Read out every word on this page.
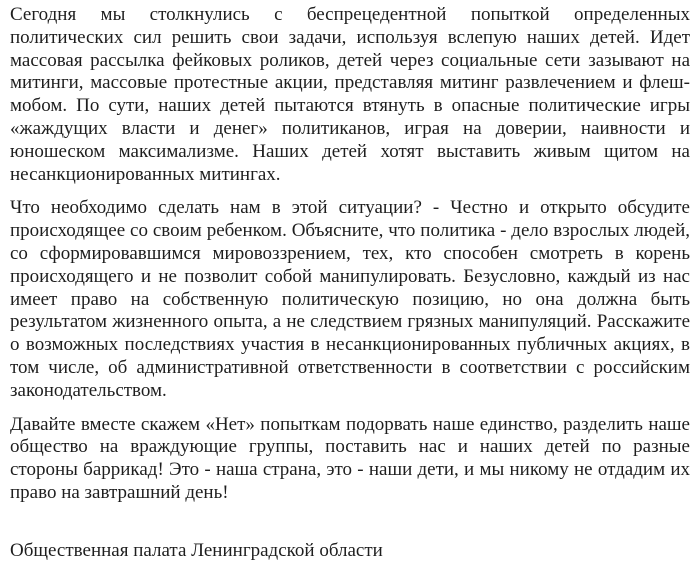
Сегодня мы столкнулись с беспрецедентной попыткой определенных политических сил решить свои задачи, используя вслепую наших детей. Идет массовая рассылка фейковых роликов, детей через социальные сети зазывают на митинги, массовые протестные акции, представляя митинг развлечением и флеш-мобом. По сути, наших детей пытаются втянуть в опасные политические игры «жаждущих власти и денег» политиканов, играя на доверии, наивности и юношеском максимализме. Наших детей хотят выставить живым щитом на несанкционированных митингах.

Что необходимо сделать нам в этой ситуации? - Честно и открыто обсудите происходящее со своим ребенком. Объясните, что политика - дело взрослых людей, со сформировавшимся мировоззрением, тех, кто способен смотреть в корень происходящего и не позволит собой манипулировать. Безусловно, каждый из нас имеет право на собственную политическую позицию, но она должна быть результатом жизненного опыта, а не следствием грязных манипуляций. Расскажите о возможных последствиях участия в несанкционированных публичных акциях, в том числе, об административной ответственности в соответствии с российским законодательством.

Давайте вместе скажем «Нет» попыткам подорвать наше единство, разделить наше общество на враждующие группы, поставить нас и наших детей по разные стороны баррикад! Это - наша страна, это - наши дети, и мы никому не отдадим их право на завтрашний день!

Общественная палата Ленинградской области
